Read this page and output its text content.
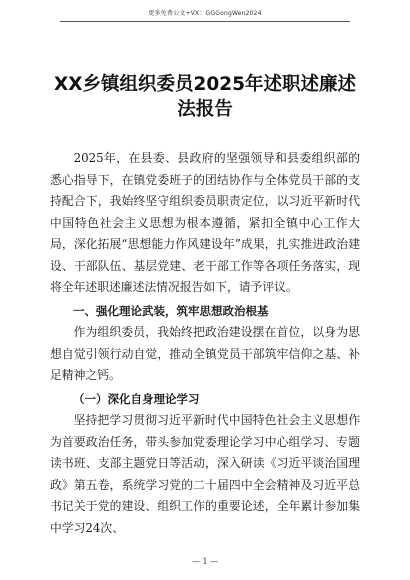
更多免费公文+VX：GGGongWen2024
XX乡镇组织委员2025年述职述廉述法报告

2025年，在县委、县政府的坚强领导和县委组织部的悉心指导下，在镇党委班子的团结协作与全体党员干部的支持配合下，我始终坚守组织委员职责定位，以习近平新时代中国特色社会主义思想为根本遵循，紧扣全镇中心工作大局，深化拓展“思想能力作风建设年”成果，扎实推进政治建设、干部队伍、基层党建、老干部工作等各项任务落实，现将全年述职述廉述法情况报告如下，请予评议。

一、强化理论武装，筑牢思想政治根基

作为组织委员，我始终把政治建设摆在首位，以身为思想自觉引领行动自觉，推动全镇党员干部筑牢信仰之基、补足精神之钙。

（一）深化自身理论学习

坚持把学习贯彻习近平新时代中国特色社会主义思想作为首要政治任务，带头参加党委理论学习中心组学习、专题读书班、支部主题党日等活动，深入研读《习近平谈治国理政》第五卷，系统学习党的二十届四中全会精神及习近平总书记关于党的建设、组织工作的重要论述，全年累计参加集中学习24次、

— 1 —
